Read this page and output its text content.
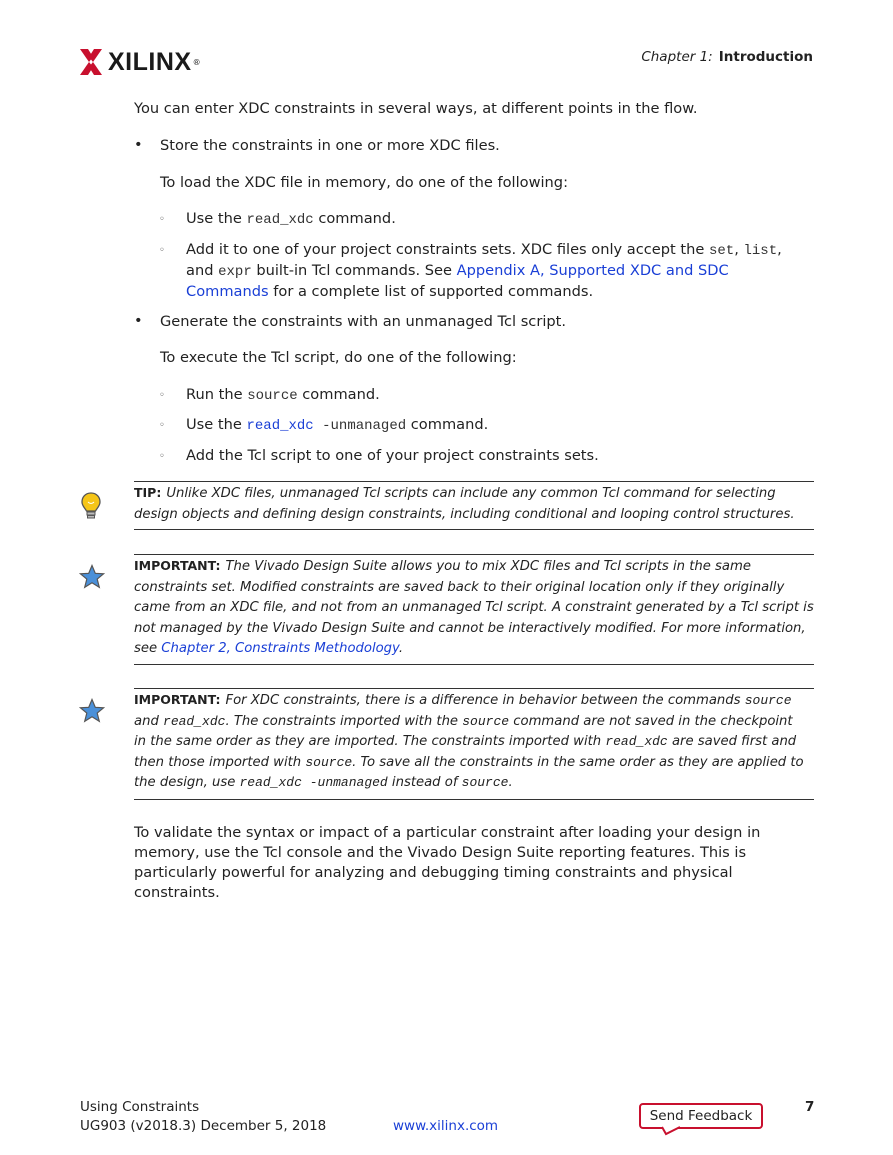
XILINX ®	Chapter 1: Introduction
You can enter XDC constraints in several ways, at different points in the flow.
• Store the constraints in one or more XDC files.
To load the XDC file in memory, do one of the following:
◦ Use the read_xdc command.
◦ Add it to one of your project constraints sets. XDC files only accept the set, list,
and expr built-in Tcl commands. See Appendix A, Supported XDC and SDC
Commands for a complete list of supported commands.
• Generate the constraints with an unmanaged Tcl script.
To execute the Tcl script, do one of the following:
◦ Run the source command.
◦ Use the read_xdc -unmanaged command.
◦ Add the Tcl script to one of your project constraints sets.
TIP: Unlike XDC files, unmanaged Tcl scripts can include any common Tcl command for selecting
design objects and defining design constraints, including conditional and looping control structures.
IMPORTANT: The Vivado Design Suite allows you to mix XDC files and Tcl scripts in the same
constraints set. Modified constraints are saved back to their original location only if they originally
came from an XDC file, and not from an unmanaged Tcl script. A constraint generated by a Tcl script is
not managed by the Vivado Design Suite and cannot be interactively modified. For more information,
see Chapter 2, Constraints Methodology.
IMPORTANT: For XDC constraints, there is a difference in behavior between the commands source
and read_xdc. The constraints imported with the source command are not saved in the checkpoint
in the same order as they are imported. The constraints imported with read_xdc are saved first and
then those imported with source. To save all the constraints in the same order as they are applied to
the design, use read_xdc -unmanaged instead of source.
To validate the syntax or impact of a particular constraint after loading your design in
memory, use the Tcl console and the Vivado Design Suite reporting features. This is
particularly powerful for analyzing and debugging timing constraints and physical
constraints.
Using Constraints
UG903 (v2018.3) December 5, 2018	www.xilinx.com
Send Feedback
7
